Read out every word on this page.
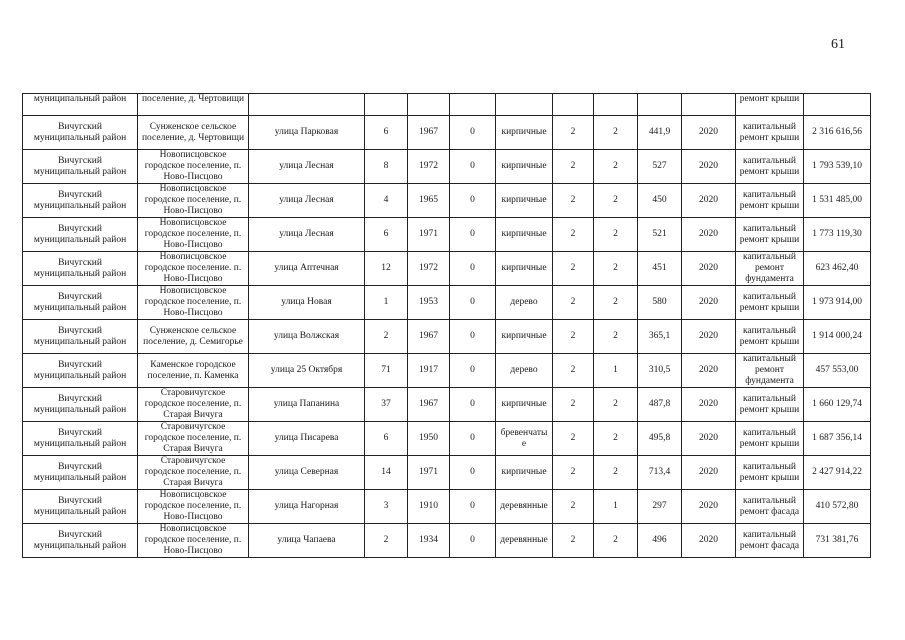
61
муниципальный район	поселение, д. Чертовищи										ремонт крыши	
Вичугский муниципальный район	Сунженское сельское поселение, д. Чертовищи	улица Парковая	6	1967	0	кирпичные	2	2	441,9	2020	капитальный ремонт крыши	2 316 616,56
Вичугский муниципальный район	Новописцовское городское поселение, п. Ново-Писцово	улица Лесная	8	1972	0	кирпичные	2	2	527	2020	капитальный ремонт крыши	1 793 539,10
Вичугский муниципальный район	Новописцовское городское поселение, п. Ново-Писцово	улица Лесная	4	1965	0	кирпичные	2	2	450	2020	капитальный ремонт крыши	1 531 485,00
Вичугский муниципальный район	Новописцовское городское поселение, п. Ново-Писцово	улица Лесная	6	1971	0	кирпичные	2	2	521	2020	капитальный ремонт крыши	1 773 119,30
Вичугский муниципальный район	Новописцовское городское поселение. п. Ново-Писцово	улица Аптечная	12	1972	0	кирпичные	2	2	451	2020	капитальный ремонт фундамента	623 462,40
Вичугский муниципальный район	Новописцовское городское поселение, п. Ново-Писцово	улица Новая	1	1953	0	дерево	2	2	580	2020	капитальный ремонт крыши	1 973 914,00
Вичугский муниципальный район	Сунженское сельское поселение, д. Семигорье	улица Волжская	2	1967	0	кирпичные	2	2	365,1	2020	капитальный ремонт крыши	1 914 000,24
Вичугский муниципальный район	Каменское городское поселение, п. Каменка	улица 25 Октября	71	1917	0	дерево	2	1	310,5	2020	капитальный ремонт фундамента	457 553,00
Вичугский муниципальный район	Старовичугское городское поселение, п. Старая Вичуга	улица Папанина	37	1967	0	кирпичные	2	2	487,8	2020	капитальный ремонт крыши	1 660 129,74
Вичугский муниципальный район	Старовичугское городское поселение, п. Старая Вичуга	улица Писарева	6	1950	0	бревенчаты е	2	2	495,8	2020	капитальный ремонт крыши	1 687 356,14
Вичугский муниципальный район	Старовичугское городское поселение, п. Старая Вичуга	улица Северная	14	1971	0	кирпичные	2	2	713,4	2020	капитальный ремонт крыши	2 427 914,22
Вичугский муниципальный район	Новописцовское городское поселение, п. Ново-Писцово	улица Нагорная	3	1910	0	деревянные	2	1	297	2020	капитальный ремонт фасада	410 572,80
Вичугский муниципальный район	Новописцовское городское поселение, п. Ново-Писцово	улица Чапаева	2	1934	0	деревянные	2	2	496	2020	капитальный ремонт фасада	731 381,76
